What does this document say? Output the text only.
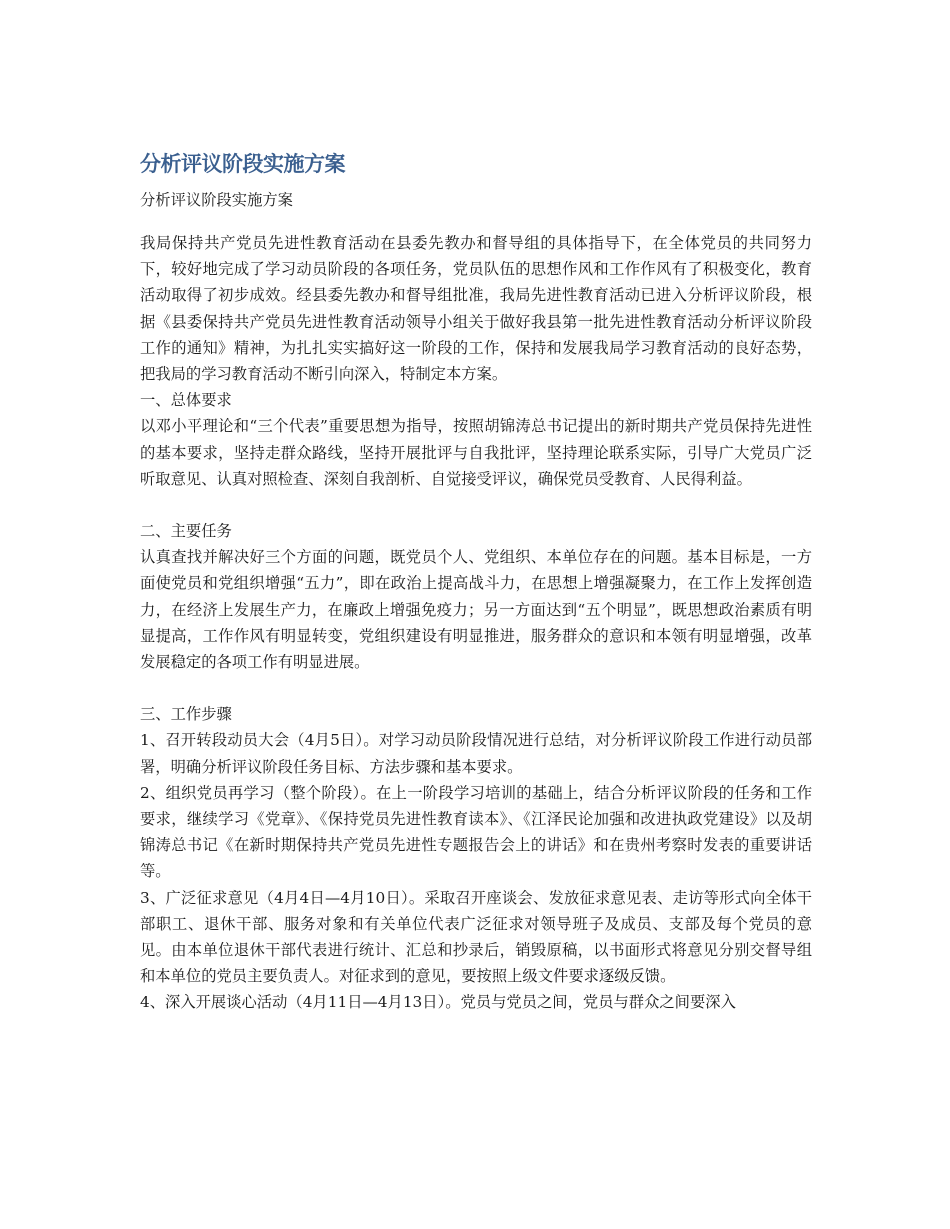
分析评议阶段实施方案

分析评议阶段实施方案

我局保持共产党员先进性教育活动在县委先教办和督导组的具体指导下，在全体党员的共同努力下，较好地完成了学习动员阶段的各项任务，党员队伍的思想作风和工作作风有了积极变化，教育活动取得了初步成效。经县委先教办和督导组批准，我局先进性教育活动已进入分析评议阶段，根据《县委保持共产党员先进性教育活动领导小组关于做好我县第一批先进性教育活动分析评议阶段工作的通知》精神，为扎扎实实搞好这一阶段的工作，保持和发展我局学习教育活动的良好态势，把我局的学习教育活动不断引向深入，特制定本方案。

一、总体要求

以邓小平理论和“三个代表”重要思想为指导，按照胡锦涛总书记提出的新时期共产党员保持先进性的基本要求，坚持走群众路线，坚持开展批评与自我批评，坚持理论联系实际，引导广大党员广泛听取意见、认真对照检查、深刻自我剖析、自觉接受评议，确保党员受教育、人民得利益。

二、主要任务

认真查找并解决好三个方面的问题，既党员个人、党组织、本单位存在的问题。基本目标是，一方面使党员和党组织增强“五力”，即在政治上提高战斗力，在思想上增强凝聚力，在工作上发挥创造力，在经济上发展生产力，在廉政上增强免疫力；另一方面达到“五个明显”，既思想政治素质有明显提高，工作作风有明显转变，党组织建设有明显推进，服务群众的意识和本领有明显增强，改革发展稳定的各项工作有明显进展。

三、工作步骤

1、召开转段动员大会（4月5日）。对学习动员阶段情况进行总结，对分析评议阶段工作进行动员部署，明确分析评议阶段任务目标、方法步骤和基本要求。

2、组织党员再学习（整个阶段）。在上一阶段学习培训的基础上，结合分析评议阶段的任务和工作要求，继续学习《党章》、《保持党员先进性教育读本》、《江泽民论加强和改进执政党建设》以及胡锦涛总书记《在新时期保持共产党员先进性专题报告会上的讲话》和在贵州考察时发表的重要讲话等。

3、广泛征求意见（4月4日—4月10日）。采取召开座谈会、发放征求意见表、走访等形式向全体干部职工、退休干部、服务对象和有关单位代表广泛征求对领导班子及成员、支部及每个党员的意见。由本单位退休干部代表进行统计、汇总和抄录后，销毁原稿，以书面形式将意见分别交督导组和本单位的党员主要负责人。对征求到的意见，要按照上级文件要求逐级反馈。

4、深入开展谈心活动（4月11日—4月13日）。党员与党员之间，党员与群众之间要深入
